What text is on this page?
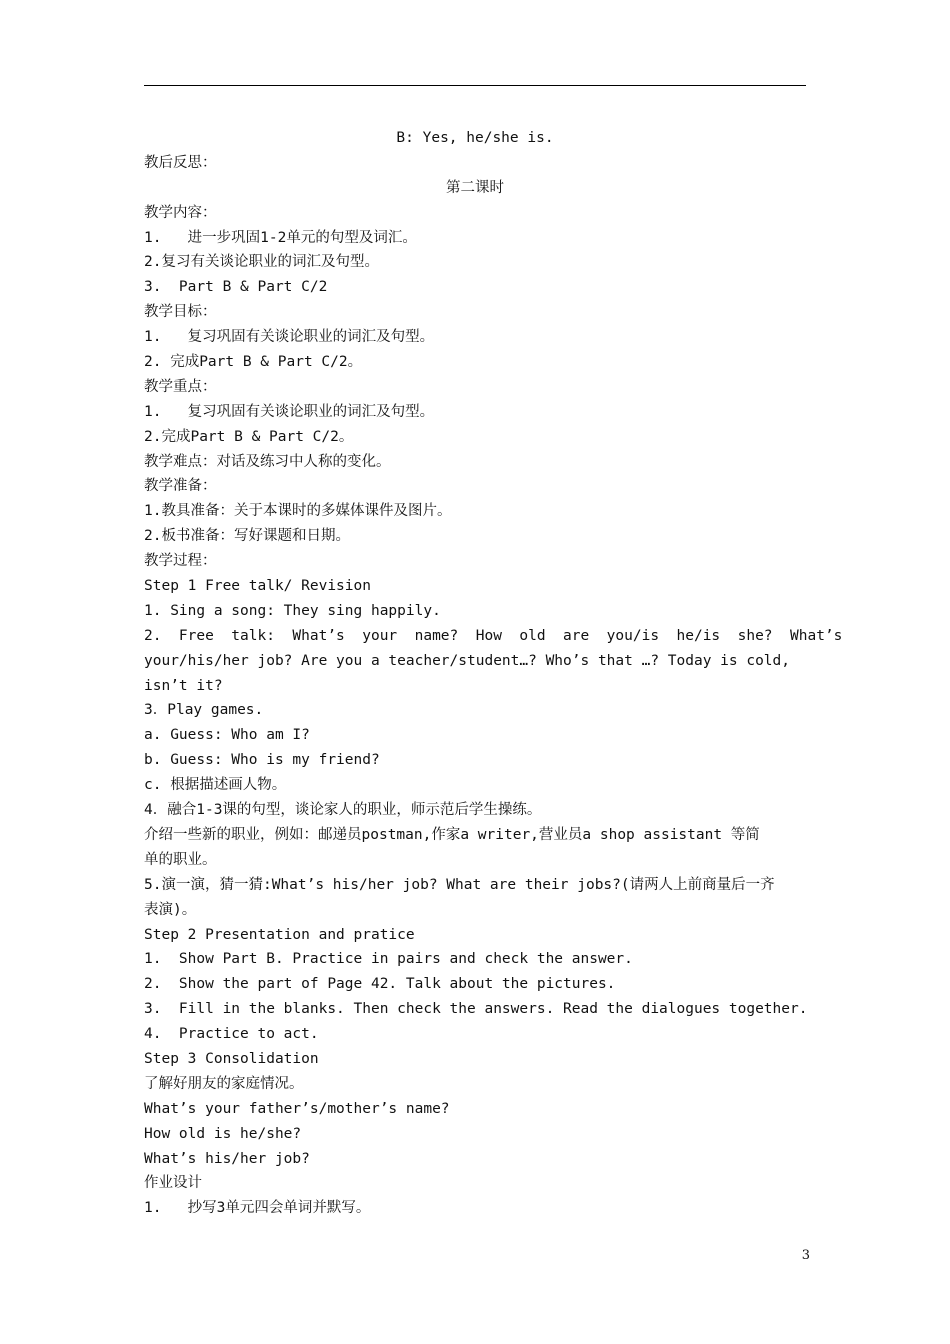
B: Yes, he/she is.
教后反思：
第二课时
教学内容：
1.   进一步巩固1-2单元的句型及词汇。
2.复习有关谈论职业的词汇及句型。
3.  Part B & Part C/2
教学目标：
1.   复习巩固有关谈论职业的词汇及句型。
2. 完成Part B & Part C/2。
教学重点：
1.   复习巩固有关谈论职业的词汇及句型。
2.完成Part B & Part C/2。
教学难点：对话及练习中人称的变化。
教学准备：
1.教具准备：关于本课时的多媒体课件及图片。
2.板书准备：写好课题和日期。
教学过程：
Step 1 Free talk/ Revision
1. Sing a song: They sing happily.
2.  Free  talk:  What’s  your  name?  How  old  are  you/is  he/is  she?  What’s
your/his/her job? Are you a teacher/student…? Who’s that …? Today is cold,
isn’t it?
3．Play games.
a. Guess: Who am I?
b. Guess: Who is my friend?
c. 根据描述画人物。
4．融合1-3课的句型，谈论家人的职业，师示范后学生操练。
介绍一些新的职业，例如：邮递员postman,作家a writer,营业员a shop assistant 等简
单的职业。
5.演一演，猜一猜:What’s his/her job? What are their jobs?(请两人上前商量后一齐
表演)。
Step 2 Presentation and pratice
1.  Show Part B. Practice in pairs and check the answer.
2.  Show the part of Page 42. Talk about the pictures.
3.  Fill in the blanks. Then check the answers. Read the dialogues together.
4.  Practice to act.
Step 3 Consolidation
了解好朋友的家庭情况。
What’s your father’s/mother’s name?
How old is he/she?
What’s his/her job?
作业设计
1.   抄写3单元四会单词并默写。
3
